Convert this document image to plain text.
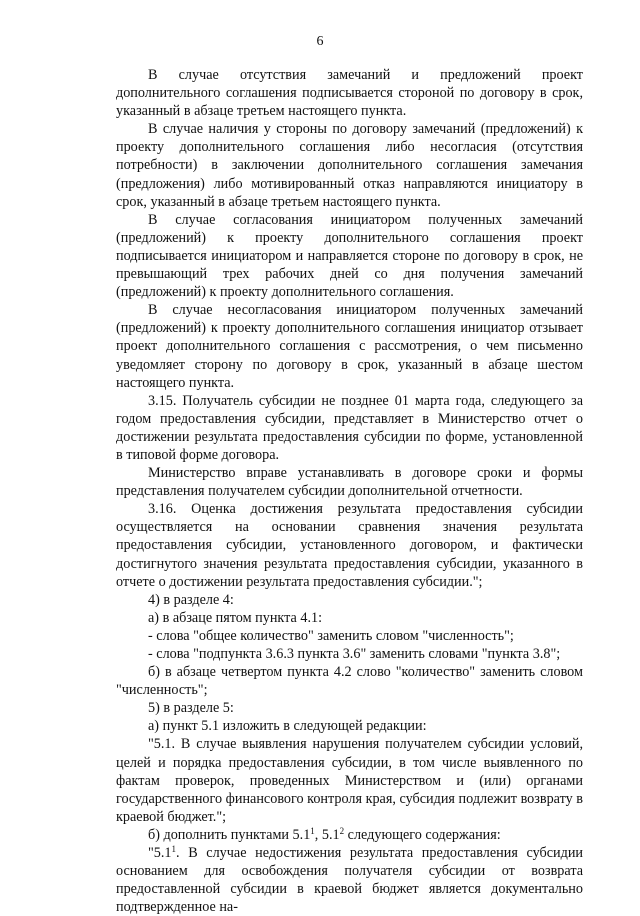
6

В случае отсутствия замечаний и предложений проект дополнительного соглашения подписывается стороной по договору в срок, указанный в абзаце третьем настоящего пункта.

В случае наличия у стороны по договору замечаний (предложений) к проекту дополнительного соглашения либо несогласия (отсутствия потребности) в заключении дополнительного соглашения замечания (предложения) либо мотивированный отказ направляются инициатору в срок, указанный в абзаце третьем настоящего пункта.

В случае согласования инициатором полученных замечаний (предложений) к проекту дополнительного соглашения проект подписывается инициатором и направляется стороне по договору в срок, не превышающий трех рабочих дней со дня получения замечаний (предложений) к проекту дополнительного соглашения.

В случае несогласования инициатором полученных замечаний (предложений) к проекту дополнительного соглашения инициатор отзывает проект дополнительного соглашения с рассмотрения, о чем письменно уведомляет сторону по договору в срок, указанный в абзаце шестом настоящего пункта.

3.15. Получатель субсидии не позднее 01 марта года, следующего за годом предоставления субсидии, представляет в Министерство отчет о достижении результата предоставления субсидии по форме, установленной в типовой форме договора.

Министерство вправе устанавливать в договоре сроки и формы представления получателем субсидии дополнительной отчетности.

3.16. Оценка достижения результата предоставления субсидии осуществляется на основании сравнения значения результата предоставления субсидии, установленного договором, и фактически достигнутого значения результата предоставления субсидии, указанного в отчете о достижении результата предоставления субсидии.";

4) в разделе 4:

а) в абзаце пятом пункта 4.1:

- слова "общее количество" заменить словом "численность";

- слова "подпункта 3.6.3 пункта 3.6" заменить словами "пункта 3.8";

б) в абзаце четвертом пункта 4.2 слово "количество" заменить словом "численность";

5) в разделе 5:

а) пункт 5.1 изложить в следующей редакции:

"5.1. В случае выявления нарушения получателем субсидии условий, целей и порядка предоставления субсидии, в том числе выявленного по фактам проверок, проведенных Министерством и (или) органами государственного финансового контроля края, субсидия подлежит возврату в краевой бюджет.";

б) дополнить пунктами $5.1^1$, $5.1^2$ следующего содержания:

"$5.1^1$. В случае недостижения результата предоставления субсидии основанием для освобождения получателя субсидии от возврата предоставленной субсидии в краевой бюджет является документально подтвержденное на-
